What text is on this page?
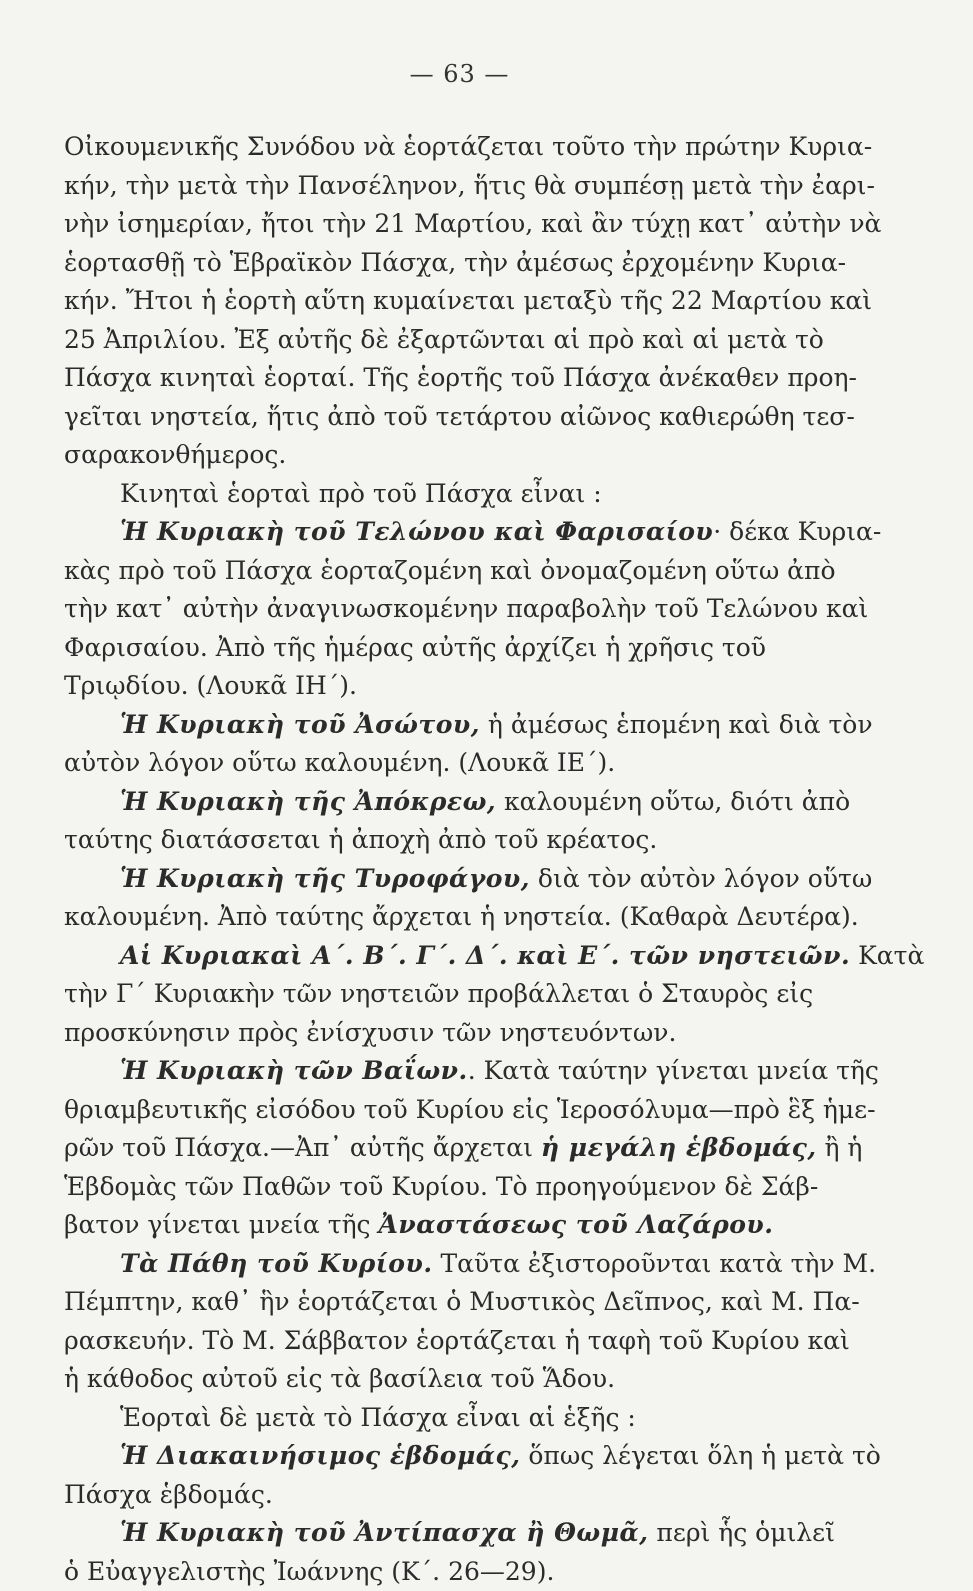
— 63 —
Οἰκουμενικῆς Συνόδου νὰ ἑορτάζεται τοῦτο τὴν πρώτην Κυρια-
κήν, τὴν μετὰ τὴν Πανσέληνον, ἥτις θὰ συμπέσῃ μετὰ τὴν ἐαρι-
νὴν ἰσημερίαν, ἤτοι τὴν 21 Μαρτίου, καὶ ἂν τύχῃ κατ᾽ αὐτὴν νὰ
ἑορτασθῇ τὸ Ἑβραϊκὸν Πάσχα, τὴν ἀμέσως ἐρχομένην Κυρια-
κήν. Ἤτοι ἡ ἑορτὴ αὕτη κυμαίνεται μεταξὺ τῆς 22 Μαρτίου καὶ
25 Ἀπριλίου. Ἐξ αὐτῆς δὲ ἐξαρτῶνται αἱ πρὸ καὶ αἱ μετὰ τὸ
Πάσχα κινηταὶ ἑορταί. Τῆς ἑορτῆς τοῦ Πάσχα ἀνέκαθεν προη-
γεῖται νηστεία, ἥτις ἀπὸ τοῦ τετάρτου αἰῶνος καθιερώθη τεσ-
σαρακονθήμερος.
Κινηταὶ ἑορταὶ πρὸ τοῦ Πάσχα εἶναι :
Ἡ Κυριακὴ τοῦ Τελώνου καὶ Φαρισαίου· δέκα Κυρια-
κὰς πρὸ τοῦ Πάσχα ἑορταζομένη καὶ ὀνομαζομένη οὕτω ἀπὸ
τὴν κατ᾽ αὐτὴν ἀναγινωσκομένην παραβολὴν τοῦ Τελώνου καὶ
Φαρισαίου. Ἀπὸ τῆς ἡμέρας αὐτῆς ἀρχίζει ἡ χρῆσις τοῦ
Τριῳδίου. (Λουκᾶ ΙΗ΄).
Ἡ Κυριακὴ τοῦ Ἀσώτου, ἡ ἀμέσως ἑπομένη καὶ διὰ τὸν
αὐτὸν λόγον οὕτω καλουμένη. (Λουκᾶ ΙΕ΄).
Ἡ Κυριακὴ τῆς Ἀπόκρεω, καλουμένη οὕτω, διότι ἀπὸ
ταύτης διατάσσεται ἡ ἀποχὴ ἀπὸ τοῦ κρέατος.
Ἡ Κυριακὴ τῆς Τυροφάγου, διὰ τὸν αὐτὸν λόγον οὕτω
καλουμένη. Ἀπὸ ταύτης ἄρχεται ἡ νηστεία. (Καθαρὰ Δευτέρα).
Αἱ Κυριακαὶ Α΄. Β΄. Γ΄. Δ΄. καὶ Ε΄. τῶν νηστειῶν. Κατὰ
τὴν Γ΄ Κυριακὴν τῶν νηστειῶν προβάλλεται ὁ Σταυρὸς εἰς
προσκύνησιν πρὸς ἐνίσχυσιν τῶν νηστευόντων.
Ἡ Κυριακὴ τῶν Βαΐων.. Κατὰ ταύτην γίνεται μνεία τῆς
θριαμβευτικῆς εἰσόδου τοῦ Κυρίου εἰς Ἱεροσόλυμα—πρὸ ἓξ ἡμε-
ρῶν τοῦ Πάσχα.—Ἀπ᾽ αὐτῆς ἄρχεται ἡ μεγάλη ἑβδομάς, ἢ ἡ
Ἑβδομὰς τῶν Παθῶν τοῦ Κυρίου. Τὸ προηγούμενον δὲ Σάβ-
βατον γίνεται μνεία τῆς Ἀναστάσεως τοῦ Λαζάρου.
Τὰ Πάθη τοῦ Κυρίου. Ταῦτα ἐξιστοροῦνται κατὰ τὴν Μ.
Πέμπτην, καθ᾽ ἣν ἑορτάζεται ὁ Μυστικὸς Δεῖπνος, καὶ Μ. Πα-
ρασκευήν. Τὸ Μ. Σάββατον ἑορτάζεται ἡ ταφὴ τοῦ Κυρίου καὶ
ἡ κάθοδος αὐτοῦ εἰς τὰ βασίλεια τοῦ Ἅδου.
Ἑορταὶ δὲ μετὰ τὸ Πάσχα εἶναι αἱ ἑξῆς :
Ἡ Διακαινήσιμος ἑβδομάς, ὅπως λέγεται ὅλη ἡ μετὰ τὸ
Πάσχα ἑβδομάς.
Ἡ Κυριακὴ τοῦ Ἀντίπασχα ἢ Θωμᾶ, περὶ ἧς ὁμιλεῖ
ὁ Εὐαγγελιστὴς Ἰωάννης (Κ΄. 26—29).
